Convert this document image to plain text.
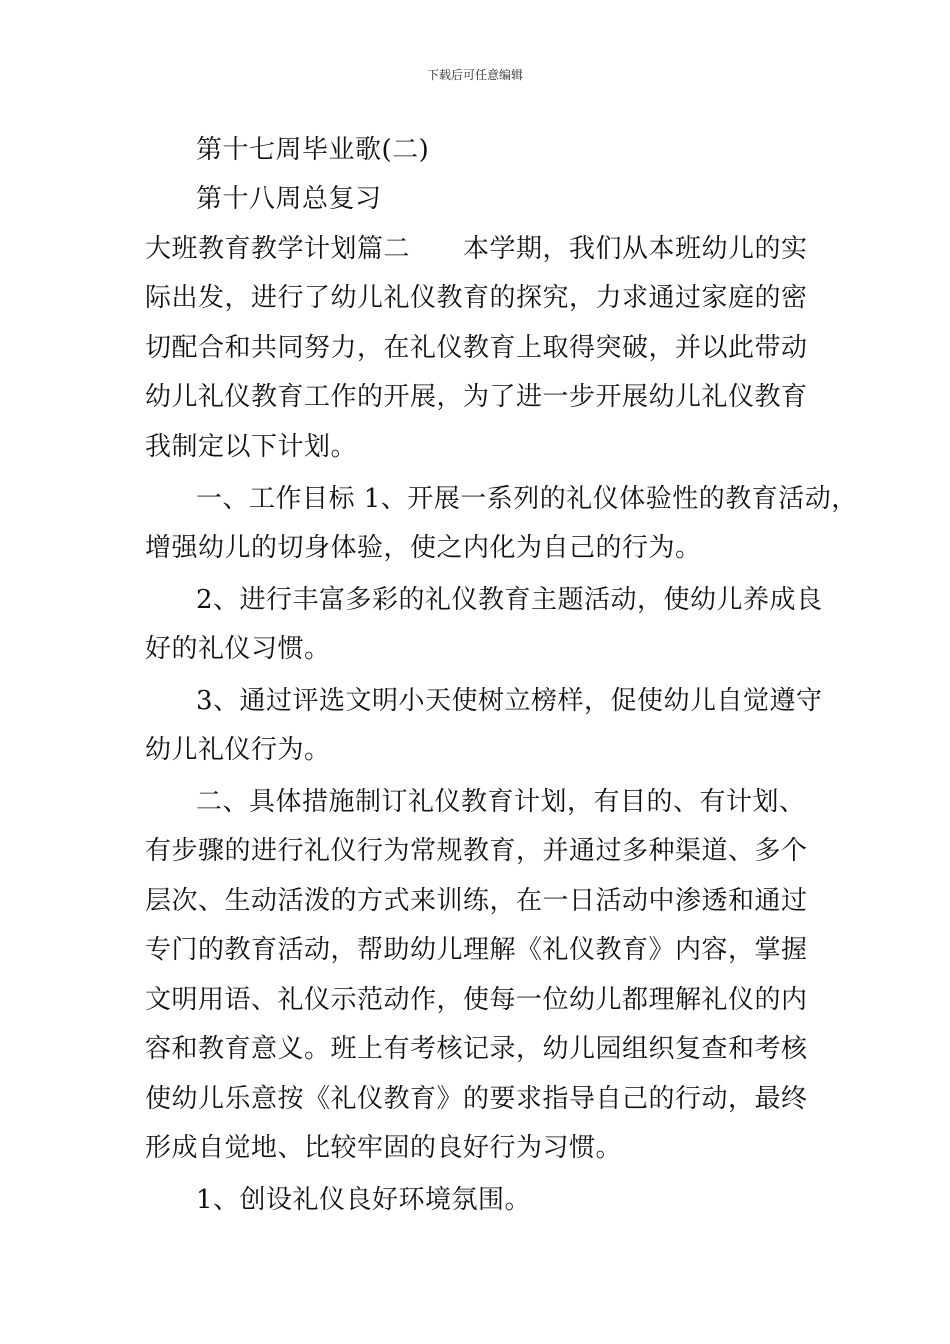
下载后可任意编辑
第十七周毕业歌(二)
第十八周总复习
大班教育教学计划篇二　　本学期，我们从本班幼儿的实
际出发，进行了幼儿礼仪教育的探究，力求通过家庭的密
切配合和共同努力，在礼仪教育上取得突破，并以此带动
幼儿礼仪教育工作的开展，为了进一步开展幼儿礼仪教育
我制定以下计划。
一、工作目标 1、开展一系列的礼仪体验性的教育活动，
增强幼儿的切身体验，使之内化为自己的行为。
2、进行丰富多彩的礼仪教育主题活动，使幼儿养成良
好的礼仪习惯。
3、通过评选文明小天使树立榜样，促使幼儿自觉遵守
幼儿礼仪行为。
二、具体措施制订礼仪教育计划，有目的、有计划、
有步骤的进行礼仪行为常规教育，并通过多种渠道、多个
层次、生动活泼的方式来训练，在一日活动中渗透和通过
专门的教育活动，帮助幼儿理解《礼仪教育》内容，掌握
文明用语、礼仪示范动作，使每一位幼儿都理解礼仪的内
容和教育意义。班上有考核记录，幼儿园组织复查和考核
使幼儿乐意按《礼仪教育》的要求指导自己的行动，最终
形成自觉地、比较牢固的良好行为习惯。
1、创设礼仪良好环境氛围。
